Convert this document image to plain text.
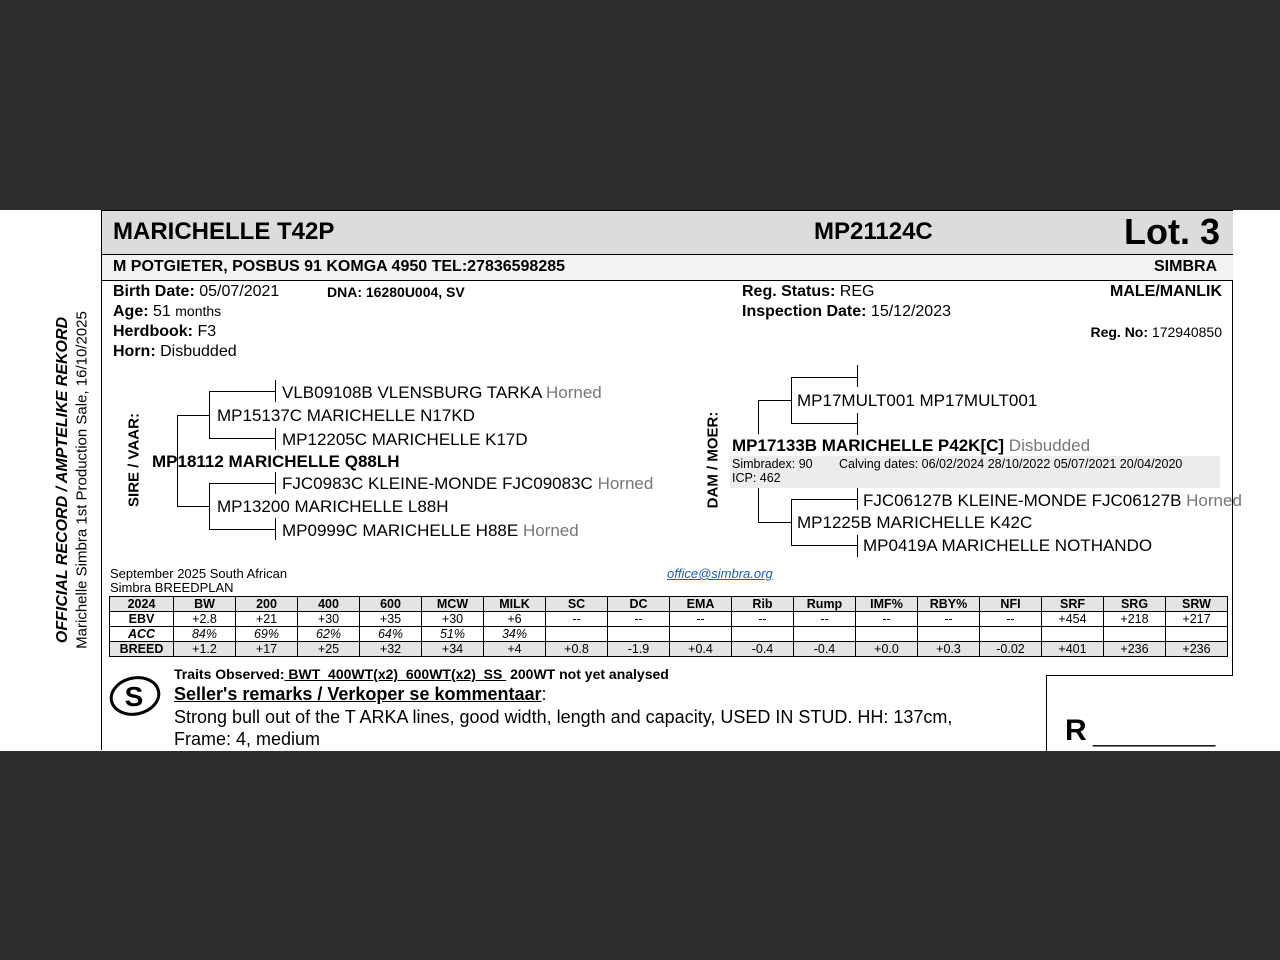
OFFICIAL RECORD / AMPTELIKE REKORD Marichelle Simbra 1st Production Sale, 16/10/2025
MARICHELLE T42P	MP21124C	Lot. 3
M POTGIETER, POSBUS 91 KOMGA 4950 TEL:27836598285	SIMBRA
Birth Date: 05/07/2021	DNA: 16280U004, SV
Age: 51 months
Herdbook: F3
Horn: Disbudded
Reg. Status: REG
Inspection Date: 15/12/2023
MALE/MANLIK
Reg. No: 172940850
SIRE / VAAR:
VLB09108B VLENSBURG TARKA Horned
MP15137C MARICHELLE N17KD
MP12205C MARICHELLE K17D
MP18112 MARICHELLE Q88LH
FJC0983C KLEINE-MONDE FJC09083C Horned
MP13200 MARICHELLE L88H
MP0999C MARICHELLE H88E Horned
DAM / MOER:
MP17MULT001 MP17MULT001
MP17133B MARICHELLE P42K[C] Disbudded
Simbradex: 90 Calving dates: 06/02/2024 28/10/2022 05/07/2021 20/04/2020
ICP: 462
FJC06127B KLEINE-MONDE FJC06127B Horned
MP1225B MARICHELLE K42C
MP0419A MARICHELLE NOTHANDO
September 2025 South African
Simbra BREEDPLAN
office@simbra.org
2024	BW	200	400	600	MCW	MILK	SC	DC	EMA	Rib	Rump	IMF%	RBY%	NFI	SRF	SRG	SRW
EBV	+2.8	+21	+30	+35	+30	+6	--	--	--	--	--	--	--	--	+454	+218	+217
ACC	84%	69%	62%	64%	51%	34%											
BREED	+1.2	+17	+25	+32	+34	+4	+0.8	-1.9	+0.4	-0.4	-0.4	+0.0	+0.3	-0.02	+401	+236	+236
S
Traits Observed: BWT  400WT(x2)  600WT(x2)  SS  200WT not yet analysed
Seller's remarks / Verkoper se kommentaar:
Strong bull out of the T ARKA lines, good width, length and capacity, USED IN STUD. HH: 137cm,
Frame: 4, medium	R __________
